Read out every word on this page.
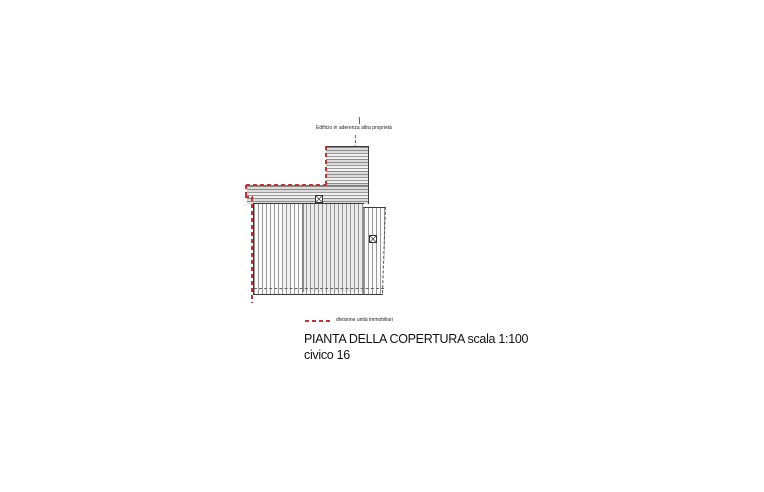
Edificio in aderenza altra proprietà
divisione unità immobiliari
PIANTA DELLA COPERTURA scala 1:100
civico 16
